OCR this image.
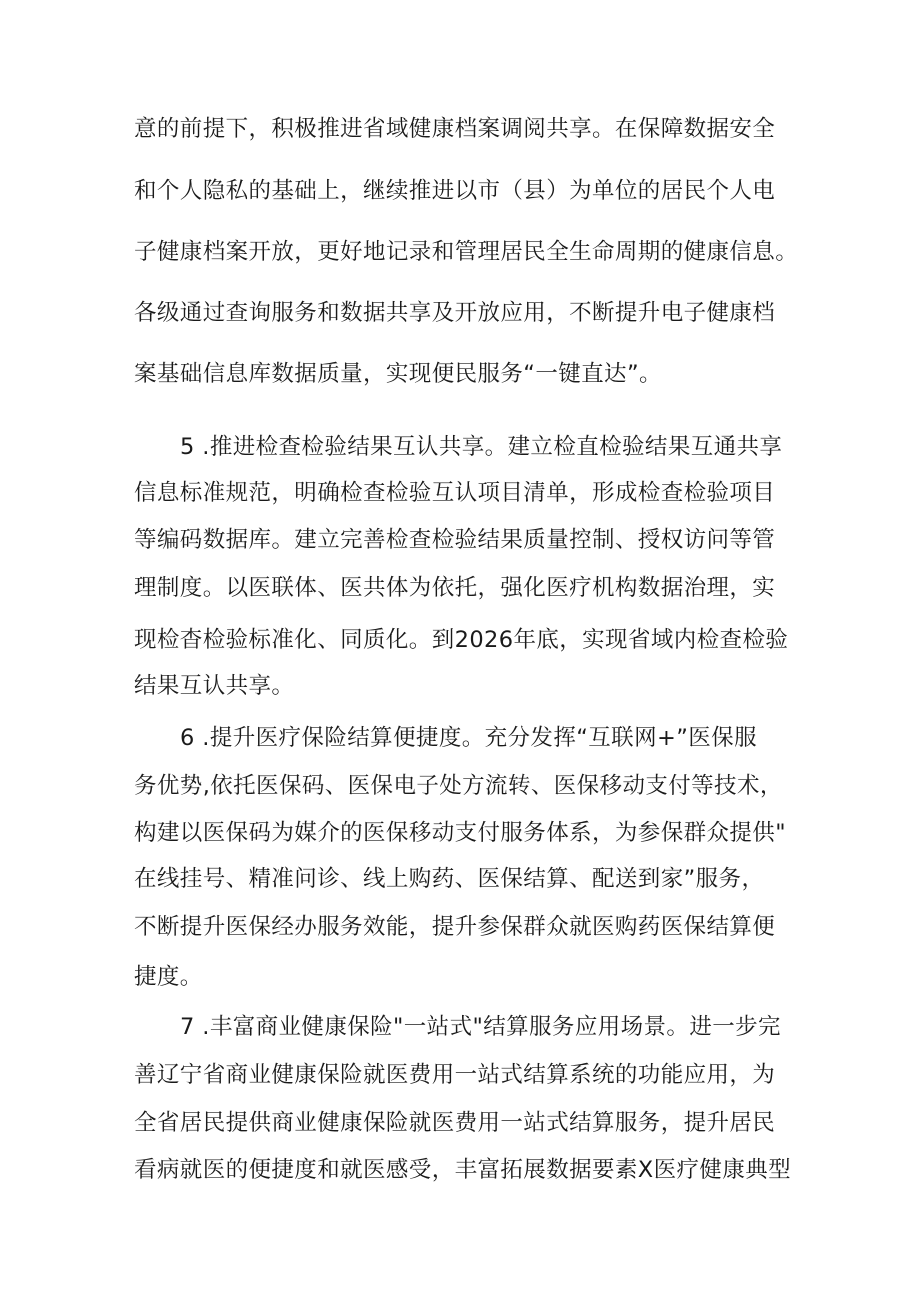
意的前提下，积极推进省域健康档案调阅共享。在保障数据安全
和个人隐私的基础上，继续推进以市（县）为单位的居民个人电
子健康档案开放，更好地记录和管理居民全生命周期的健康信息。
各级通过查询服务和数据共享及开放应用，不断提升电子健康档
案基础信息库数据质量，实现便民服务“一键直达”。
5 .推进检查检验结果互认共享。建立检直检验结果互通共享
信息标准规范，明确检查检验互认项目清单，形成检查检验项目
等编码数据库。建立完善检查检验结果质量控制、授权访问等管
理制度。以医联体、医共体为依托，强化医疗机构数据治理，实
现检杳检验标准化、同质化。到2026年底，实现省域内检查检验
结果互认共享。
6 .提升医疗保险结算便捷度。充分发挥“互联网+”医保服
务优势,依托医保码、医保电子处方流转、医保移动支付等技术，
构建以医保码为媒介的医保移动支付服务体系，为参保群众提供"
在线挂号、精准问诊、线上购药、医保结算、配送到家”服务，
不断提升医保经办服务效能，提升参保群众就医购药医保结算便
捷度。
7 .丰富商业健康保险"一站式"结算服务应用场景。进一步完
善辽宁省商业健康保险就医费用一站式结算系统的功能应用，为
全省居民提供商业健康保险就医费用一站式结算服务，提升居民
看病就医的便捷度和就医感受，丰富拓展数据要素X医疗健康典型
